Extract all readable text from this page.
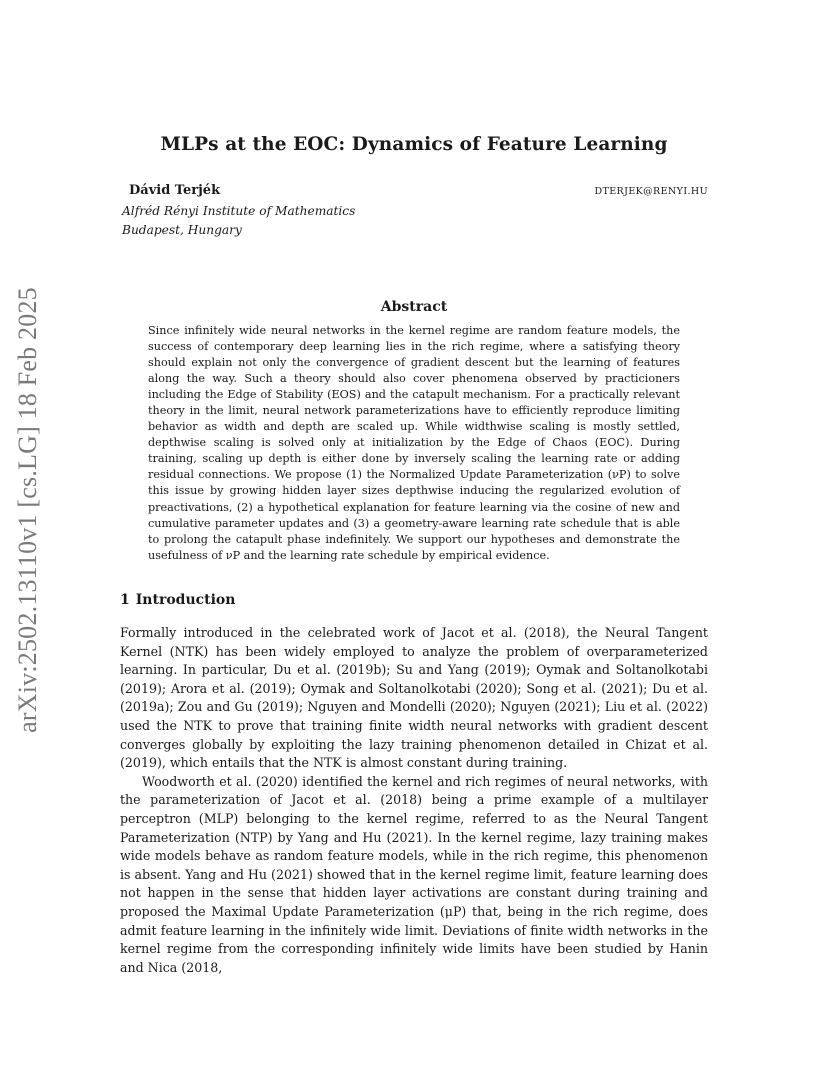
arXiv:2502.13110v1 [cs.LG] 18 Feb 2025
MLPs at the EOC: Dynamics of Feature Learning
Dávid Terjék	DTERJEK@RENYI.HU
Alfréd Rényi Institute of Mathematics
Budapest, Hungary
Abstract
Since infinitely wide neural networks in the kernel regime are random feature models, the success of contemporary deep learning lies in the rich regime, where a satisfying theory should explain not only the convergence of gradient descent but the learning of features along the way. Such a theory should also cover phenomena observed by practicioners including the Edge of Stability (EOS) and the catapult mechanism. For a practically relevant theory in the limit, neural network parameterizations have to efficiently reproduce limiting behavior as width and depth are scaled up. While widthwise scaling is mostly settled, depthwise scaling is solved only at initialization by the Edge of Chaos (EOC). During training, scaling up depth is either done by inversely scaling the learning rate or adding residual connections. We propose (1) the Normalized Update Parameterization (νP) to solve this issue by growing hidden layer sizes depthwise inducing the regularized evolution of preactivations, (2) a hypothetical explanation for feature learning via the cosine of new and cumulative parameter updates and (3) a geometry-aware learning rate schedule that is able to prolong the catapult phase indefinitely. We support our hypotheses and demonstrate the usefulness of νP and the learning rate schedule by empirical evidence.
1 Introduction

Formally introduced in the celebrated work of Jacot et al. (2018), the Neural Tangent Kernel (NTK) has been widely employed to analyze the problem of overparameterized learning. In particular, Du et al. (2019b); Su and Yang (2019); Oymak and Soltanolkotabi (2019); Arora et al. (2019); Oymak and Soltanolkotabi (2020); Song et al. (2021); Du et al. (2019a); Zou and Gu (2019); Nguyen and Mondelli (2020); Nguyen (2021); Liu et al. (2022) used the NTK to prove that training finite width neural networks with gradient descent converges globally by exploiting the lazy training phenomenon detailed in Chizat et al. (2019), which entails that the NTK is almost constant during training.

Woodworth et al. (2020) identified the kernel and rich regimes of neural networks, with the parameterization of Jacot et al. (2018) being a prime example of a multilayer perceptron (MLP) belonging to the kernel regime, referred to as the Neural Tangent Parameterization (NTP) by Yang and Hu (2021). In the kernel regime, lazy training makes wide models behave as random feature models, while in the rich regime, this phenomenon is absent. Yang and Hu (2021) showed that in the kernel regime limit, feature learning does not happen in the sense that hidden layer activations are constant during training and proposed the Maximal Update Parameterization (μP) that, being in the rich regime, does admit feature learning in the infinitely wide limit. Deviations of finite width networks in the kernel regime from the corresponding infinitely wide limits have been studied by Hanin and Nica (2018,
